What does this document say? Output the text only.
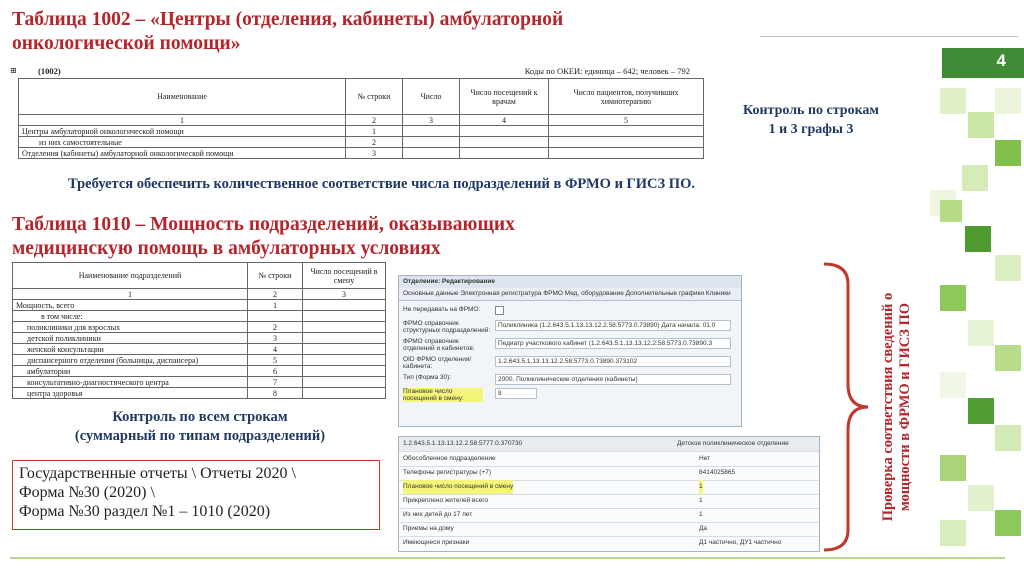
4
Таблица 1002 – «Центры (отделения, кабинеты) амбулаторной
онкологической помощи»
⊞	(1002)	Коды по ОКЕИ: единица – 642; человек – 792
Наименование	№ строки	Число	Число посещений к врачам	Число пациентов, получивших химиотерапию
1	2	3	4	5
Центры амбулаторной онкологической помощи	1			
из них самостоятельные	2			
Отделения (кабинеты) амбулаторной онкологической помощи	3			
Контроль по строкам
1 и 3 графы 3
Требуется обеспечить количественное соответствие числа подразделений в ФРМО и ГИСЗ ПО.
Таблица 1010 – Мощность подразделений, оказывающих
медицинскую помощь в амбулаторных условиях
Наименование подразделений	№ строки	Число посещений в смену
1	2	3
Мощность, всего	1	
в том числе:		
поликлиники для взрослых	2	
детской поликлиники	3	
женской консультации	4	
диспансерного отделения (больницы, диспансера)	5	
амбулатории	6	
консультативно-диагностического центра	7	
центра здоровья	8	
Контроль по всем строкам
(суммарный по типам подразделений)
Государственные отчеты \ Отчеты 2020 \
Форма №30 (2020) \
Форма №30 раздел №1 – 1010 (2020)
Отделение: Редактирование
Основные данные Электронная регистратура ФРМО Мед. оборудование Дополнительные графики Клиники
Не передавать на ФРМО:
ФРМО справочник структурных подразделений:
Поликлиника (1.2.643.5.1.13.13.12.2.58.5773.0.73890) Дата начала: 01.0
ФРМО справочник отделений и кабинетов:
Педиатр участкового кабинет (1.2.643.5.1.13.13.12.2.58.5773.0.73890.3
OID ФРМО отделения/кабинета:
1.2.643.5.1.13.13.12.2.58.5773.0.73890.373102
Тип (Форма 30):	2000. Поликлинические отделения (кабинеты)
Плановое число посещений в смену:
8
1.2.643.5.1.13.13.12.2.58.5777.0.370730	Детское поликлиническое отделение
Обособленное подразделение	Нет
Телефоны регистратуры (+7)	8414025865
Плановое число посещений в смену	1
Прикреплено жителей всего	1
Из них детей до 17 лет	1
Приемы на дому	Да
Имеющиеся признаки	Д1 частично, ДУ1 частично
Проверка соответствия сведений о мощности в ФРМО и ГИСЗ ПО
